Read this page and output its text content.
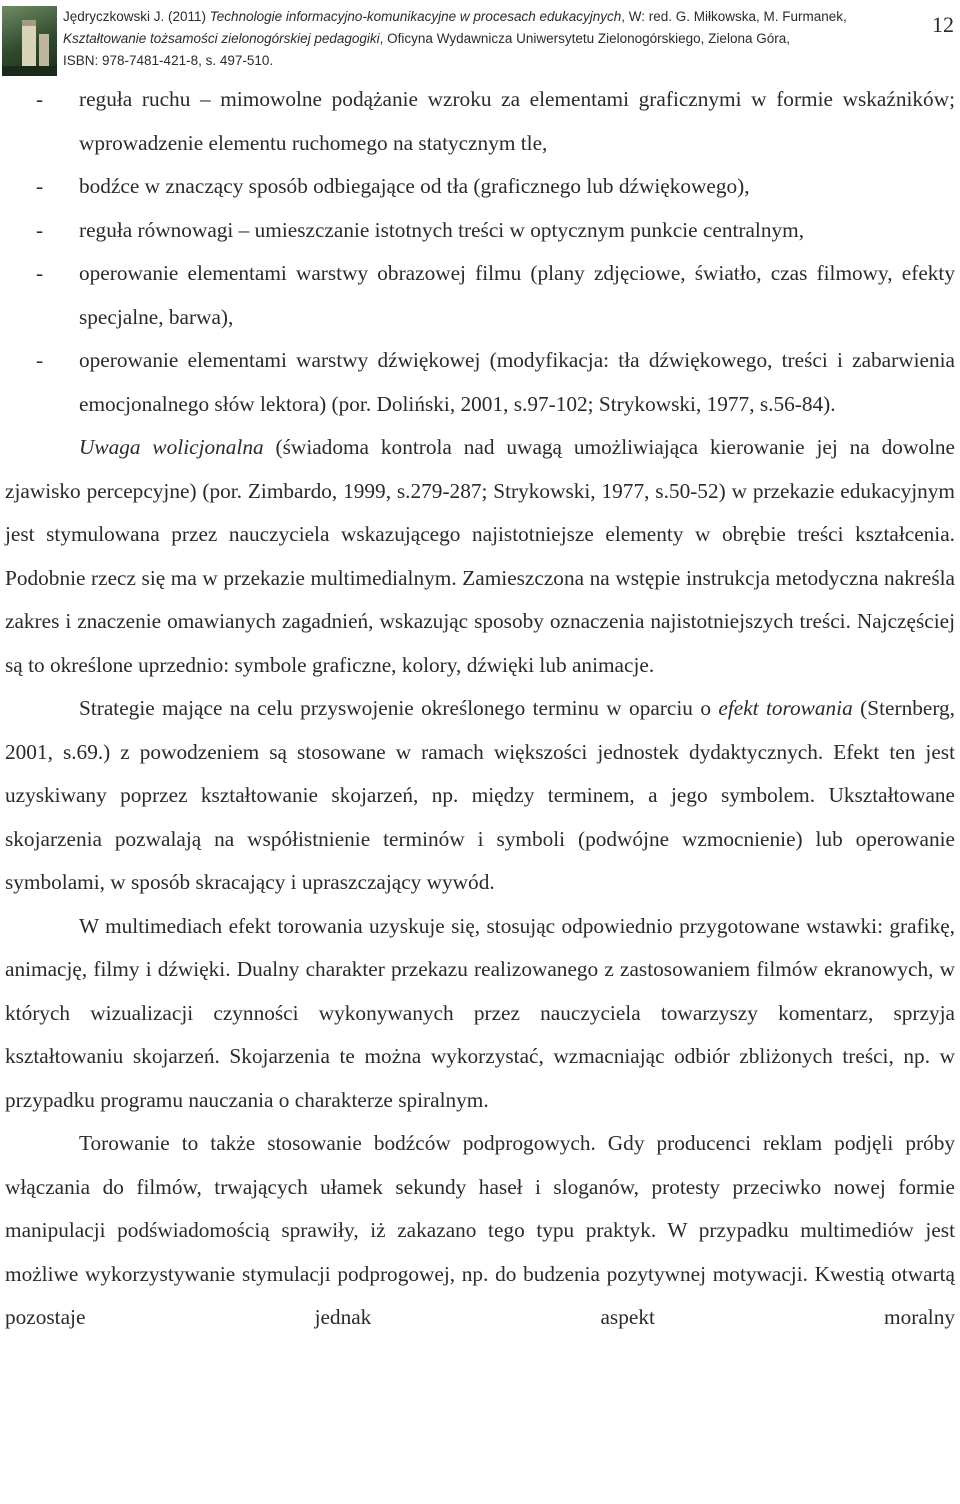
Jędryczkowski J. (2011) Technologie informacyjno-komunikacyjne w procesach edukacyjnych, W: red. G. Miłkowska, M. Furmanek,
Kształtowanie tożsamości zielonogórskiej pedagogiki, Oficyna Wydawnicza Uniwersytetu Zielonogórskiego, Zielona Góra,
ISBN: 978-7481-421-8, s. 497-510.
12
- reguła ruchu – mimowolne podążanie wzroku za elementami graficznymi w formie wskaźników; wprowadzenie elementu ruchomego na statycznym tle,
- bodźce w znaczący sposób odbiegające od tła (graficznego lub dźwiękowego),
- reguła równowagi – umieszczanie istotnych treści w optycznym punkcie centralnym,
- operowanie elementami warstwy obrazowej filmu (plany zdjęciowe, światło, czas filmowy, efekty specjalne, barwa),
- operowanie elementami warstwy dźwiękowej (modyfikacja: tła dźwiękowego, treści i zabarwienia emocjonalnego słów lektora) (por. Doliński, 2001, s.97-102; Strykowski, 1977, s.56-84).

Uwaga wolicjonalna (świadoma kontrola nad uwagą umożliwiająca kierowanie jej na dowolne zjawisko percepcyjne) (por. Zimbardo, 1999, s.279-287; Strykowski, 1977, s.50-52) w przekazie edukacyjnym jest stymulowana przez nauczyciela wskazującego najistotniejsze elementy w obrębie treści kształcenia. Podobnie rzecz się ma w przekazie multimedialnym. Zamieszczona na wstępie instrukcja metodyczna nakreśla zakres i znaczenie omawianych zagadnień, wskazując sposoby oznaczenia najistotniejszych treści. Najczęściej są to określone uprzednio: symbole graficzne, kolory, dźwięki lub animacje.

Strategie mające na celu przyswojenie określonego terminu w oparciu o efekt torowania (Sternberg, 2001, s.69.) z powodzeniem są stosowane w ramach większości jednostek dydaktycznych. Efekt ten jest uzyskiwany poprzez kształtowanie skojarzeń, np. między terminem, a jego symbolem. Ukształtowane skojarzenia pozwalają na współistnienie terminów i symboli (podwójne wzmocnienie) lub operowanie symbolami, w sposób skracający i upraszczający wywód.

W multimediach efekt torowania uzyskuje się, stosując odpowiednio przygotowane wstawki: grafikę, animację, filmy i dźwięki. Dualny charakter przekazu realizowanego z zastosowaniem filmów ekranowych, w których wizualizacji czynności wykonywanych przez nauczyciela towarzyszy komentarz, sprzyja kształtowaniu skojarzeń. Skojarzenia te można wykorzystać, wzmacniając odbiór zbliżonych treści, np. w przypadku programu nauczania o charakterze spiralnym.

Torowanie to także stosowanie bodźców podprogowych. Gdy producenci reklam podjęli próby włączania do filmów, trwających ułamek sekundy haseł i sloganów, protesty przeciwko nowej formie manipulacji podświadomością sprawiły, iż zakazano tego typu praktyk. W przypadku multimediów jest możliwe wykorzystywanie stymulacji podprogowej, np. do budzenia pozytywnej motywacji. Kwestią otwartą pozostaje jednak aspekt moralny
